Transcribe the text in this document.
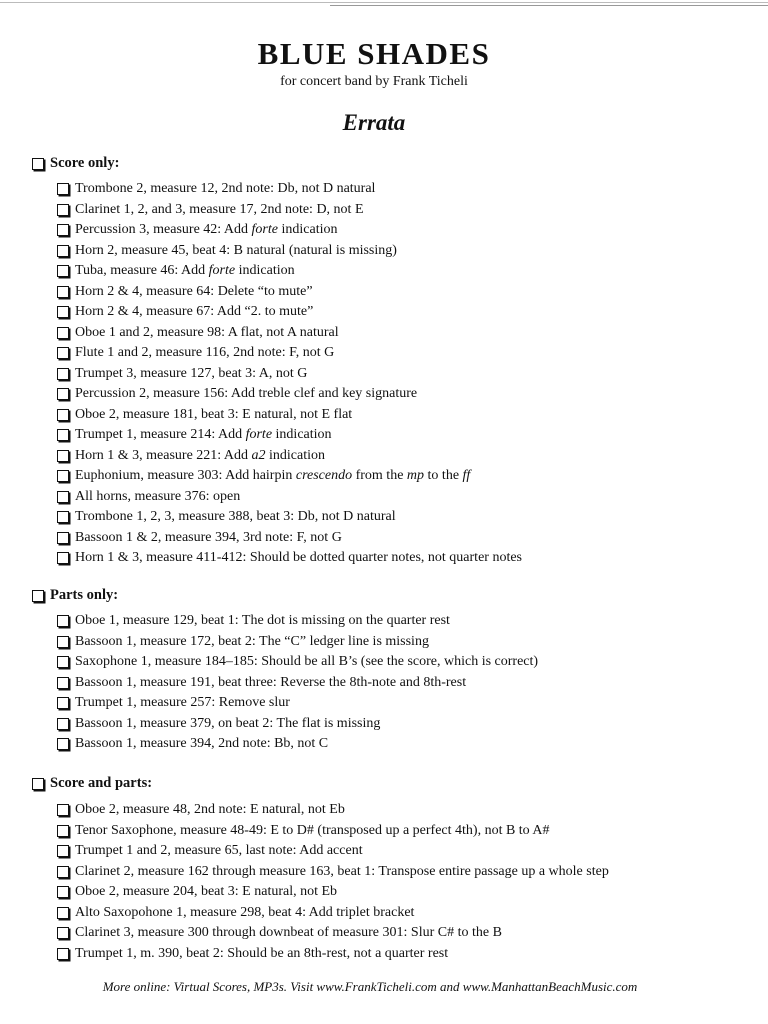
BLUE SHADES
for concert band by Frank Ticheli
Errata
Score only:
Trombone 2, measure 12, 2nd note: Db, not D natural
Clarinet 1, 2, and 3, measure 17, 2nd note: D, not E
Percussion 3, measure 42: Add forte indication
Horn 2, measure 45, beat 4: B natural (natural is missing)
Tuba, measure 46: Add forte indication
Horn 2 & 4, measure 64: Delete “to mute”
Horn 2 & 4, measure 67: Add “2. to mute”
Oboe 1 and 2, measure 98: A flat, not A natural
Flute 1 and 2, measure 116, 2nd note: F, not G
Trumpet 3, measure 127, beat 3: A, not G
Percussion 2, measure 156: Add treble clef and key signature
Oboe 2, measure 181, beat 3: E natural, not E flat
Trumpet 1, measure 214: Add forte indication
Horn 1 & 3, measure 221: Add a2 indication
Euphonium, measure 303: Add hairpin crescendo from the mp to the ff
All horns, measure 376: open
Trombone 1, 2, 3, measure 388, beat 3: Db, not D natural
Bassoon 1 & 2, measure 394, 3rd note: F, not G
Horn 1 & 3, measure 411-412: Should be dotted quarter notes, not quarter notes
Parts only:
Oboe 1, measure 129, beat 1: The dot is missing on the quarter rest
Bassoon 1, measure 172, beat 2: The “C” ledger line is missing
Saxophone 1, measure 184–185: Should be all B’s (see the score, which is correct)
Bassoon 1, measure 191, beat three: Reverse the 8th-note and 8th-rest
Trumpet 1, measure 257: Remove slur
Bassoon 1, measure 379, on beat 2: The flat is missing
Bassoon 1, measure 394, 2nd note: Bb, not C
Score and parts:
Oboe 2, measure 48, 2nd note: E natural, not Eb
Tenor Saxophone, measure 48-49: E to D# (transposed up a perfect 4th), not B to A#
Trumpet 1 and 2, measure 65, last note: Add accent
Clarinet 2, measure 162 through measure 163, beat 1: Transpose entire passage up a whole step
Oboe 2, measure 204, beat 3: E natural, not Eb
Alto Saxopohone 1, measure 298, beat 4: Add triplet bracket
Clarinet 3, measure 300 through downbeat of measure 301: Slur C# to the B
Trumpet 1, m. 390, beat 2: Should be an 8th-rest, not a quarter rest
More online: Virtual Scores, MP3s. Visit www.FrankTicheli.com and www.ManhattanBeachMusic.com
